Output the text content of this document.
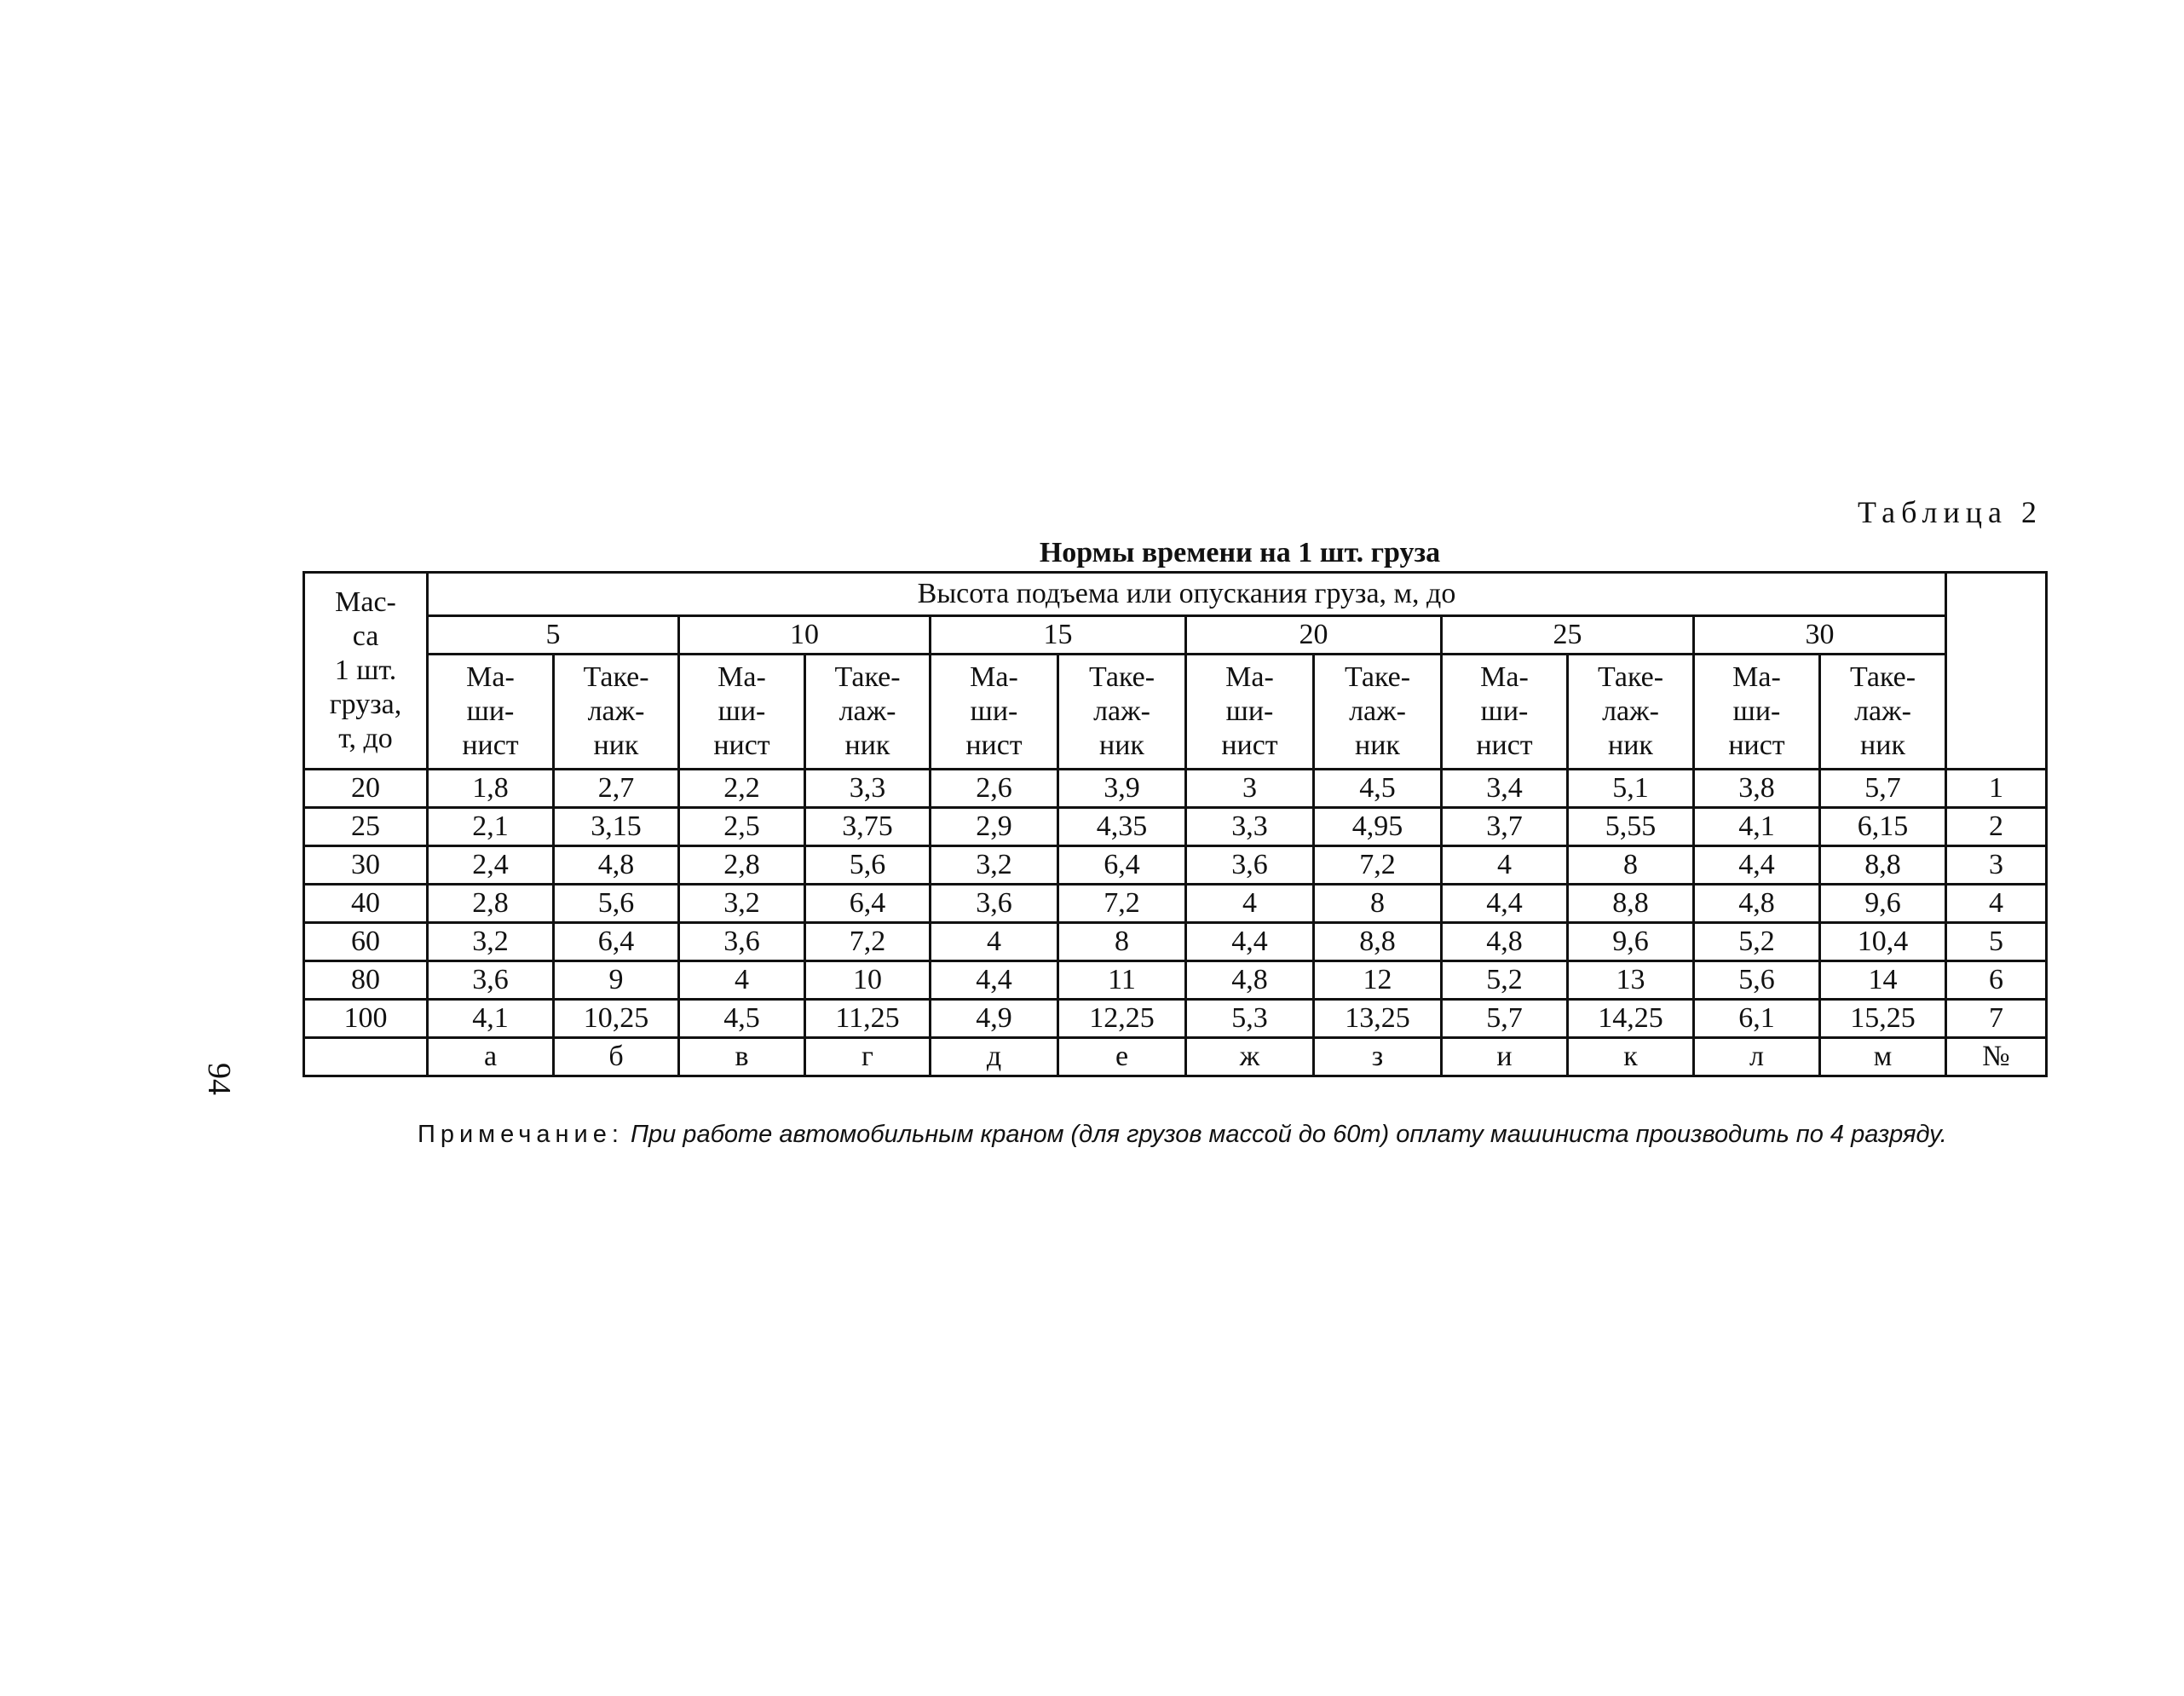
Таблица 2
Нормы времени на 1 шт. груза
94
Мас-
са
1 шт.
груза,
т, до	Высота подъема или опускания груза, м, до												
	5		10		15		20		25		30		
	Ма-
ши-
нист	Таке-
лаж-
ник	Ма-
ши-
нист	Таке-
лаж-
ник	Ма-
ши-
нист	Таке-
лаж-
ник	Ма-
ши-
нист	Таке-
лаж-
ник	Ма-
ши-
нист	Таке-
лаж-
ник	Ма-
ши-
нист	Таке-
лаж-
ник	
20	1,8	2,7	2,2	3,3	2,6	3,9	3	4,5	3,4	5,1	3,8	5,7	1
25	2,1	3,15	2,5	3,75	2,9	4,35	3,3	4,95	3,7	5,55	4,1	6,15	2
30	2,4	4,8	2,8	5,6	3,2	6,4	3,6	7,2	4	8	4,4	8,8	3
40	2,8	5,6	3,2	6,4	3,6	7,2	4	8	4,4	8,8	4,8	9,6	4
60	3,2	6,4	3,6	7,2	4	8	4,4	8,8	4,8	9,6	5,2	10,4	5
80	3,6	9	4	10	4,4	11	4,8	12	5,2	13	5,6	14	6
100	4,1	10,25	4,5	11,25	4,9	12,25	5,3	13,25	5,7	14,25	6,1	15,25	7
	а	б	в	г	д	е	ж	з	и	к	л	м	№
Примечание: При работе автомобильным краном (для грузов массой до 60т) оплату машиниста производить по 4 разряду.
